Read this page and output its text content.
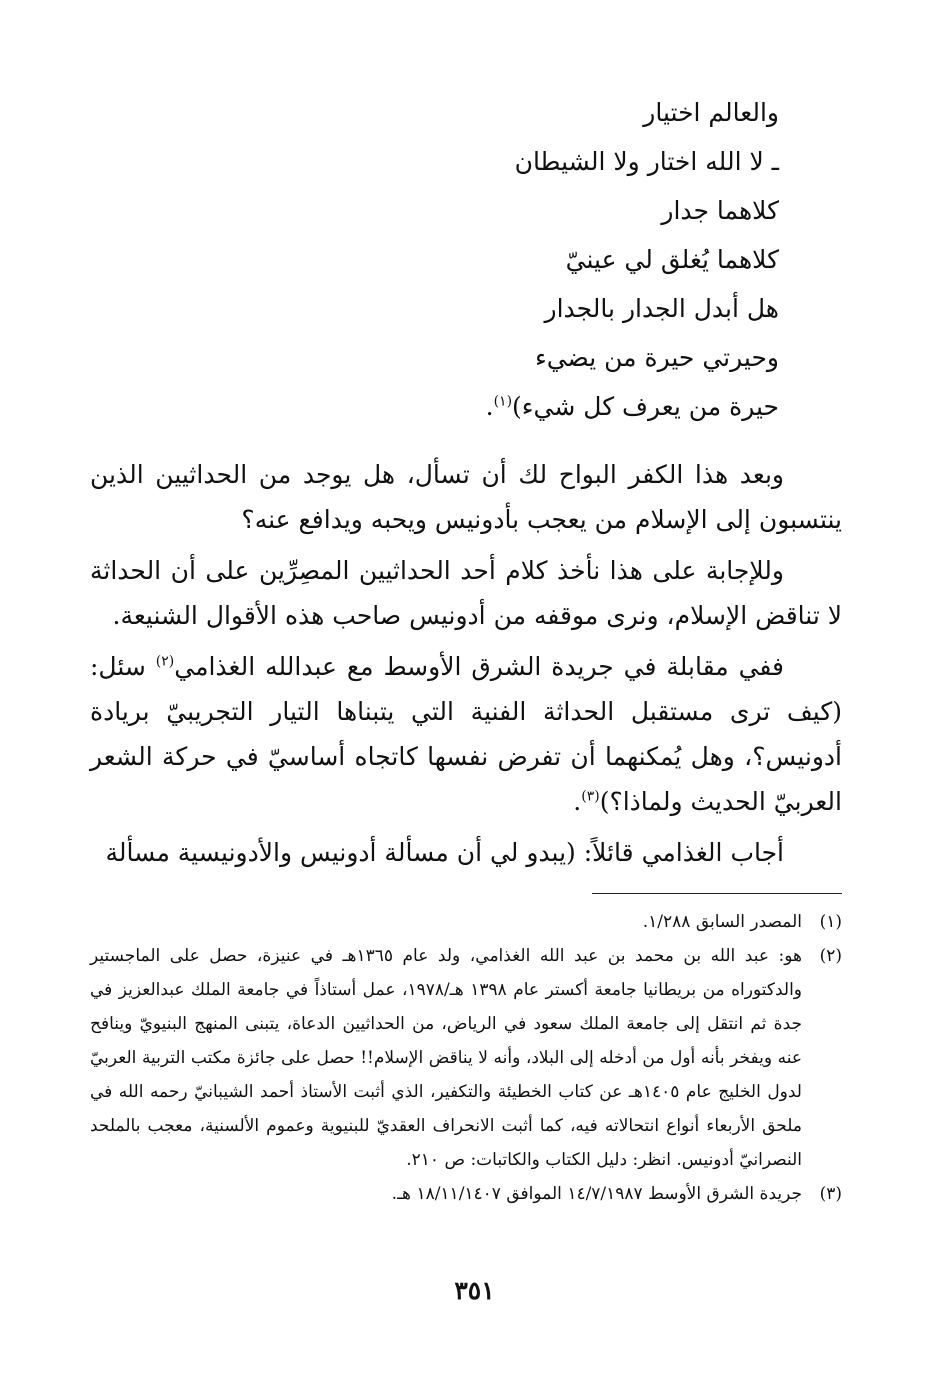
والعالم اختيار
ـ لا الله اختار ولا الشيطان
كلاهما جدار
كلاهما يُغلق لي عينيّ
هل أبدل الجدار بالجدار
وحيرتي حيرة من يضيء
حيرة من يعرف كل شيء)$^{(١)}$.

وبعد هذا الكفر البواح لك أن تسأل، هل يوجد من الحداثيين الذين ينتسبون إلى الإسلام من يعجب بأدونيس ويحبه ويدافع عنه؟

وللإجابة على هذا نأخذ كلام أحد الحداثيين المصِرِّين على أن الحداثة لا تناقض الإسلام، ونرى موقفه من أدونيس صاحب هذه الأقوال الشنيعة.

ففي مقابلة في جريدة الشرق الأوسط مع عبدالله الغذامي$^{(٢)}$ سئل: (كيف ترى مستقبل الحداثة الفنية التي يتبناها التيار التجريبيّ بريادة أدونيس؟، وهل يُمكنهما أن تفرض نفسها كاتجاه أساسيّ في حركة الشعر العربيّ الحديث ولماذا؟)$^{(٣)}$.

أجاب الغذامي قائلاً: (يبدو لي أن مسألة أدونيس والأدونيسية مسألة

(١)
المصدر السابق ١/٢٨٨.
(٢)
هو: عبد الله بن محمد بن عبد الله الغذامي، ولد عام ١٣٦٥هـ في عنيزة، حصل على الماجستير والدكتوراه من بريطانيا جامعة أكستر عام ١٣٩٨ هـ/١٩٧٨، عمل أستاذاً في جامعة الملك عبدالعزيز في جدة ثم انتقل إلى جامعة الملك سعود في الرياض، من الحداثيين الدعاة، يتبنى المنهج البنيويّ وينافح عنه ويفخر بأنه أول من أدخله إلى البلاد، وأنه لا يناقض الإسلام!! حصل على جائزة مكتب التربية العربيّ لدول الخليج عام ١٤٠٥هـ عن كتاب الخطيئة والتكفير، الذي أثبت الأستاذ أحمد الشيبانيّ رحمه الله في ملحق الأربعاء أنواع انتحالاته فيه، كما أثبت الانحراف العقديّ للبنيوية وعموم الألسنية، معجب بالملحد النصرانيّ أدونيس. انظر: دليل الكتاب والكاتبات: ص ٢١٠.
(٣)
جريدة الشرق الأوسط ١٤/٧/١٩٨٧ الموافق ١٨/١١/١٤٠٧ هـ.
٣٥١
